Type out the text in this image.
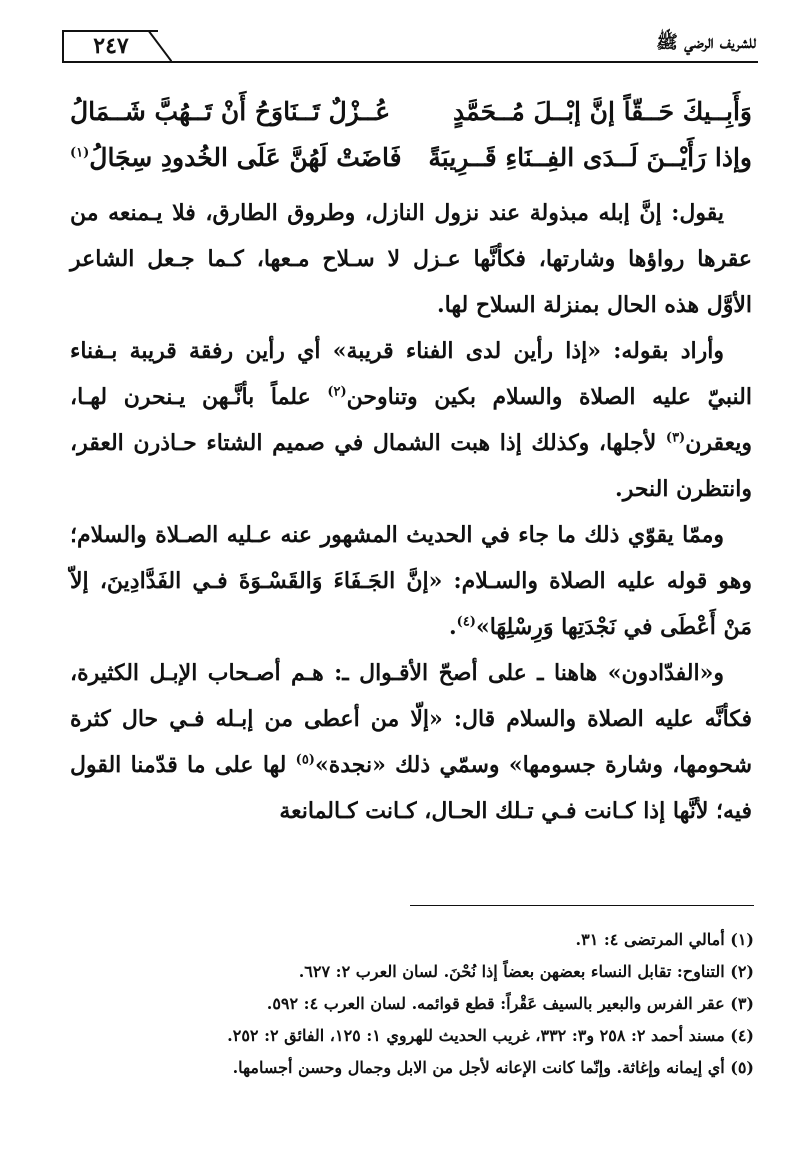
٢٤٧	للشريف الرضي ﷺ
وَأَبِــيكَ حَــقّاً إنَّ إبْــلَ مُــحَمَّدٍ
عُــزْلٌ تَــنَاوَحُ أَنْ تَــهُبَّ شَــمَالُ
وإذا رَأَيْــنَ لَــدَى الفِــنَاءِ قَــرِيبَةً
فَاضَتْ لَهُنَّ عَلَى الخُدودِ سِجَالُ$^{(١)}$

يقول: إنَّ إبله مبذولة عند نزول النازل، وطروق الطارق، فلا يـمنعه من عقرها رواؤها وشارتها، فكأنَّها عـزل لا سـلاح مـعها، كـما جـعل الشاعر الأوَّل هذه الحال بمنزلة السلاح لها.

وأراد بقوله: «إذا رأين لدى الفناء قريبة» أي رأين رفقة قريبة بـفناء النبيّ عليه الصلاة والسلام بكين وتناوحن$^{(٢)}$ علماً بأنَّـهن يـنحرن لهـا، ويعقرن$^{(٣)}$ لأجلها، وكذلك إذا هبت الشمال في صميم الشتاء حـاذرن العقر، وانتظرن النحر.

وممّا يقوّي ذلك ما جاء في الحديث المشهور عنه عـليه الصـلاة والسلام؛ وهو قوله عليه الصلاة والسـلام: «إنَّ الجَـفَاءَ وَالقَسْـوَةَ فـي الفَدَّادِينَ، إلاّ مَنْ أَعْطَى في نَجْدَتِها وَرِسْلِهَا»$^{(٤)}$.

و«الفدّادون» هاهنا ـ على أصحّ الأقـوال ـ: هـم أصـحاب الإبـل الكثيرة، فكأنَّه عليه الصلاة والسلام قال: «إلّا من أعطى من إبـله فـي حال كثرة شحومها، وشارة جسومها» وسمّي ذلك «نجدة»$^{(٥)}$ لها على ما قدّمنا القول فيه؛ لأنَّها إذا كـانت فـي تـلك الحـال، كـانت كـالمانعة

(١) أمالي المرتضى ٤: ٣١.
(٢) التناوح: تقابل النساء بعضهن بعضاً إذا نُحْنَ. لسان العرب ٢: ٦٢٧.
(٣) عقر الفرس والبعير بالسيف عَقْراً: قطع قوائمه. لسان العرب ٤: ٥٩٢.
(٤) مسند أحمد ٢: ٢٥٨ و٣: ٣٣٢، غريب الحديث للهروي ١: ١٢٥، الفائق ٢: ٢٥٢.
(٥) أي إيمانه وإغاثة. وإنّما كانت الإعانه لأجل من الابل وجمال وحسن أجسامها.
